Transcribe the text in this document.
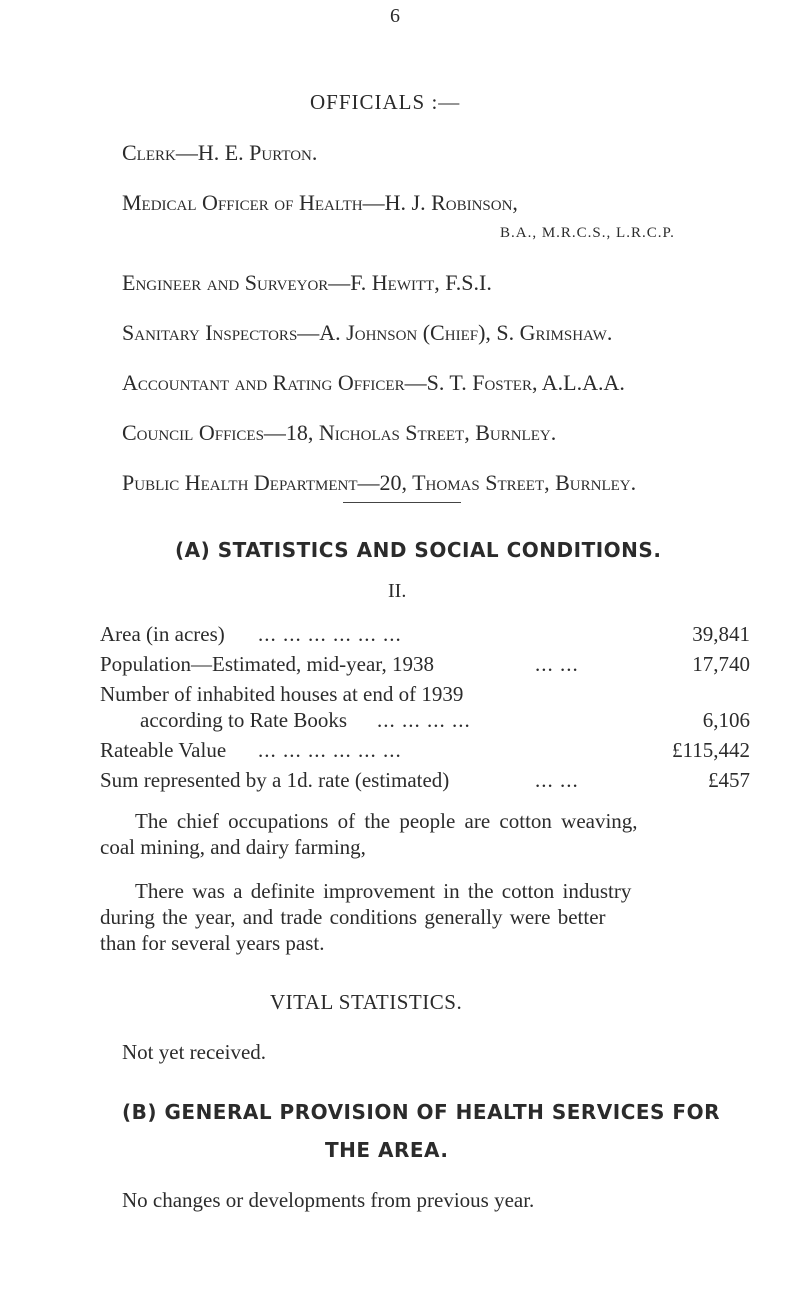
6
OFFICIALS :—
Clerk—H. E. Purton.
Medical Officer of Health—H. J. Robinson,
B.A., M.R.C.S., L.R.C.P.
Engineer and Surveyor—F. Hewitt, F.S.I.
Sanitary Inspectors—A. Johnson (Chief), S. Grimshaw.
Accountant and Rating Officer—S. T. Foster, A.L.A.A.
Council Offices—18, Nicholas Street, Burnley.
Public Health Department—20, Thomas Street, Burnley.
(A) STATISTICS AND SOCIAL CONDITIONS.
II.
Area (in acres) ... ... ... ... ... ...	39,841
Population—Estimated, mid-year, 1938	... ...	17,740
Number of inhabited houses at end of 1939
according to Rate Books ... ... ... ...	6,106
Rateable Value ... ... ... ... ... ...	£115,442
Sum represented by a 1d. rate (estimated)	... ...	£457
The chief occupations of the people are cotton weaving,
coal mining, and dairy farming,
There was a definite improvement in the cotton industry
during the year, and trade conditions generally were better
than for several years past.
VITAL STATISTICS.
Not yet received.
(B) GENERAL PROVISION OF HEALTH SERVICES FOR
THE AREA.
No changes or developments from previous year.
